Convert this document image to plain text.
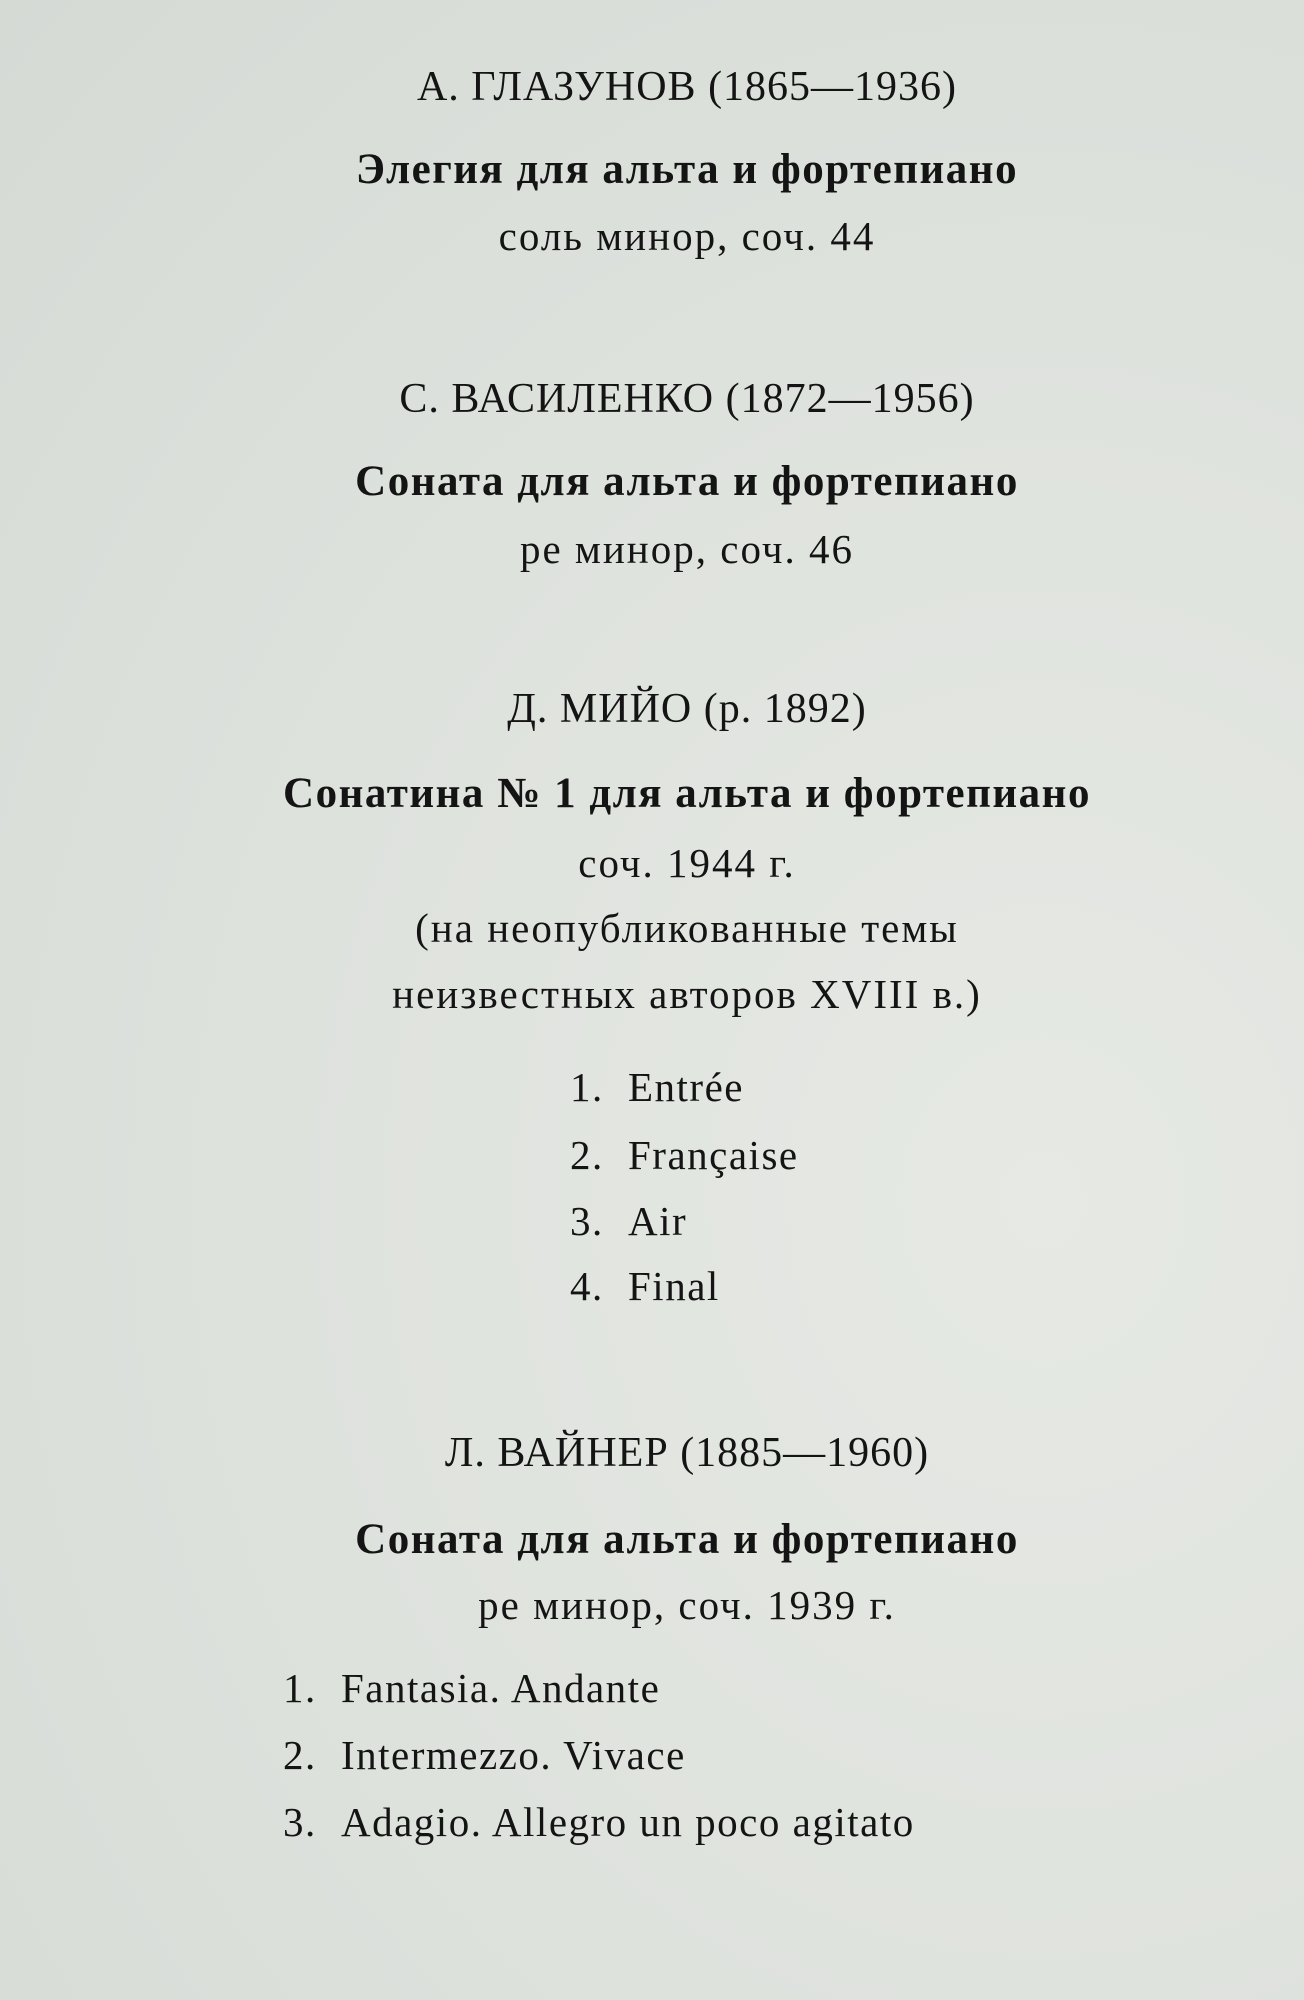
А. ГЛАЗУНОВ (1865—1936)
Элегия для альта и фортепиано
соль минор, соч. 44
С. ВАСИЛЕНКО (1872—1956)
Соната для альта и фортепиано
ре минор, соч. 46
Д. МИЙО (р. 1892)
Сонатина № 1 для альта и фортепиано
соч. 1944 г.
(на неопубликованные темы
неизвестных авторов XVIII в.)
1. Entrée
2. Française
3. Air
4. Final
Л. ВАЙНЕР (1885—1960)
Соната для альта и фортепиано
ре минор, соч. 1939 г.
1. Fantasia. Andante
2. Intermezzo. Vivace
3. Adagio. Allegro un poco agitato
